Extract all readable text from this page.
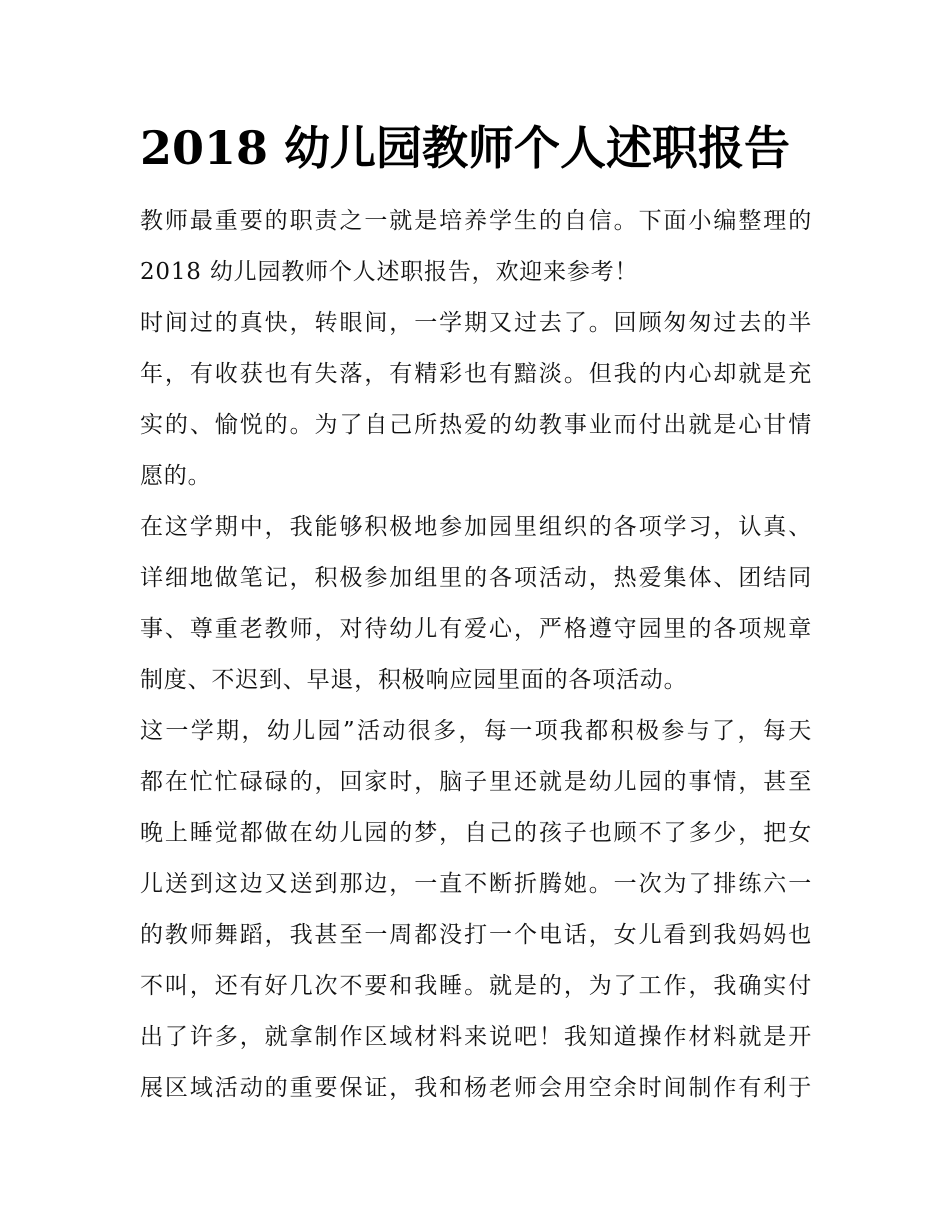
2018 幼儿园教师个人述职报告

教师最重要的职责之一就是培养学生的自信。下面小编整理的
2018 幼儿园教师个人述职报告，欢迎来参考！

时间过的真快，转眼间，一学期又过去了。回顾匆匆过去的半
年，有收获也有失落，有精彩也有黯淡。但我的内心却就是充
实的、愉悦的。为了自己所热爱的幼教事业而付出就是心甘情
愿的。

在这学期中，我能够积极地参加园里组织的各项学习，认真、
详细地做笔记，积极参加组里的各项活动，热爱集体、团结同
事、尊重老教师，对待幼儿有爱心，严格遵守园里的各项规章
制度、不迟到、早退，积极响应园里面的各项活动。

这一学期，幼儿园”活动很多，每一项我都积极参与了，每天
都在忙忙碌碌的，回家时，脑子里还就是幼儿园的事情，甚至
晚上睡觉都做在幼儿园的梦，自己的孩子也顾不了多少，把女
儿送到这边又送到那边，一直不断折腾她。一次为了排练六一
的教师舞蹈，我甚至一周都没打一个电话，女儿看到我妈妈也
不叫，还有好几次不要和我睡。就是的，为了工作，我确实付
出了许多，就拿制作区域材料来说吧！我知道操作材料就是开
展区域活动的重要保证，我和杨老师会用空余时间制作有利于
